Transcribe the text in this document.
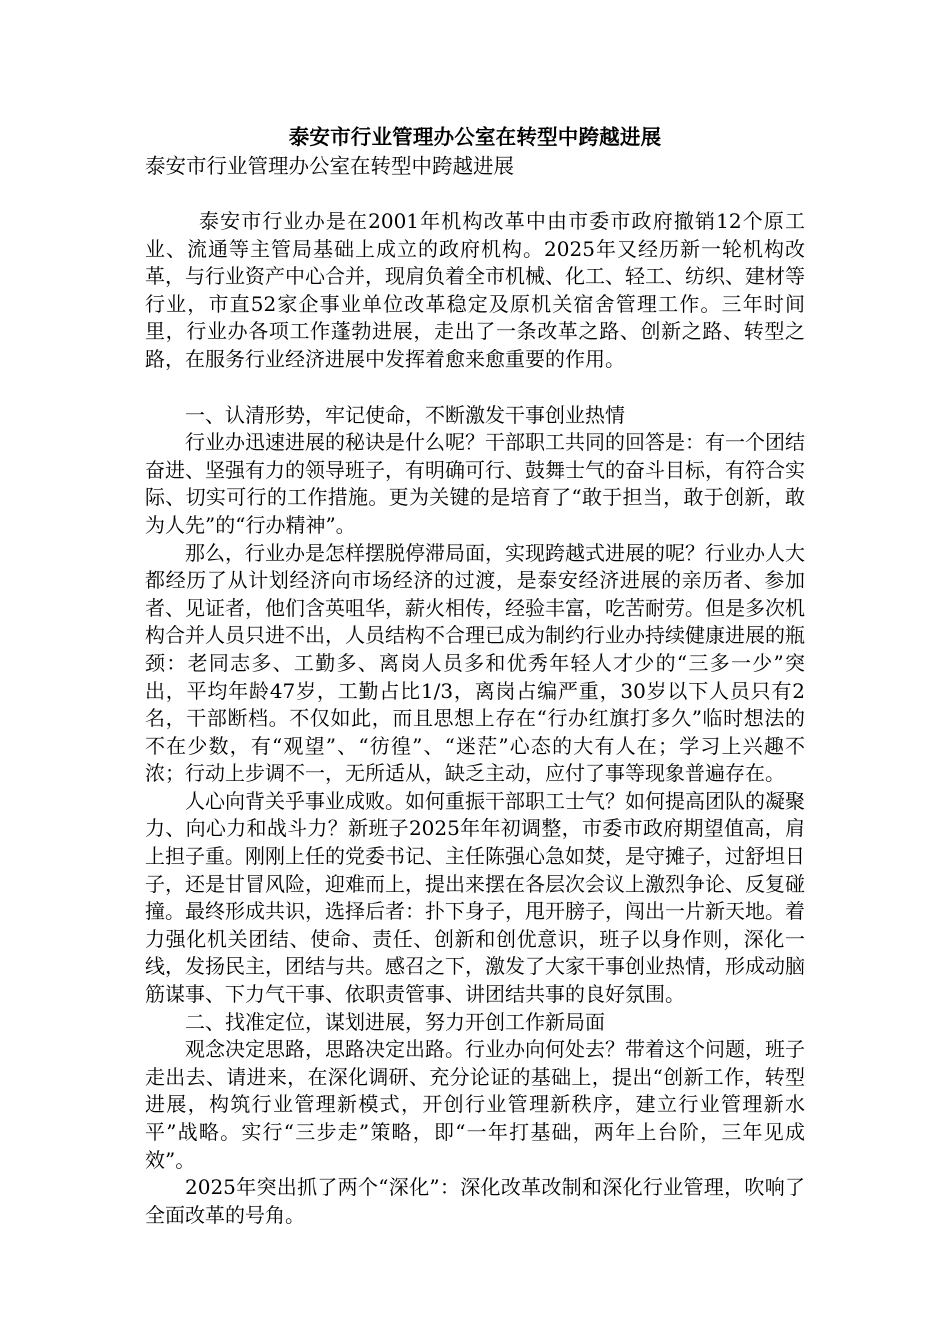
泰安市行业管理办公室在转型中跨越进展

泰安市行业管理办公室在转型中跨越进展

泰安市行业办是在2001年机构改革中由市委市政府撤销12个原工业、流通等主管局基础上成立的政府机构。2025年又经历新一轮机构改革，与行业资产中心合并，现肩负着全市机械、化工、轻工、纺织、建材等行业，市直52家企事业单位改革稳定及原机关宿舍管理工作。三年时间里，行业办各项工作蓬勃进展，走出了一条改革之路、创新之路、转型之路，在服务行业经济进展中发挥着愈来愈重要的作用。

一、认清形势，牢记使命，不断激发干事创业热情

行业办迅速进展的秘诀是什么呢？干部职工共同的回答是：有一个团结奋进、坚强有力的领导班子，有明确可行、鼓舞士气的奋斗目标，有符合实际、切实可行的工作措施。更为关键的是培育了“敢于担当，敢于创新，敢为人先”的“行办精神”。

那么，行业办是怎样摆脱停滞局面，实现跨越式进展的呢？行业办人大都经历了从计划经济向市场经济的过渡，是泰安经济进展的亲历者、参加者、见证者，他们含英咀华，薪火相传，经验丰富，吃苦耐劳。但是多次机构合并人员只进不出，人员结构不合理已成为制约行业办持续健康进展的瓶颈：老同志多、工勤多、离岗人员多和优秀年轻人才少的“三多一少”突出，平均年龄47岁，工勤占比1/3，离岗占编严重，30岁以下人员只有2名，干部断档。不仅如此，而且思想上存在“行办红旗打多久”临时想法的不在少数，有“观望”、“彷徨”、“迷茫”心态的大有人在；学习上兴趣不浓；行动上步调不一，无所适从，缺乏主动，应付了事等现象普遍存在。

人心向背关乎事业成败。如何重振干部职工士气？如何提高团队的凝聚力、向心力和战斗力？新班子2025年年初调整，市委市政府期望值高，肩上担子重。刚刚上任的党委书记、主任陈强心急如焚，是守摊子，过舒坦日子，还是甘冒风险，迎难而上，提出来摆在各层次会议上激烈争论、反复碰撞。最终形成共识，选择后者：扑下身子，甩开膀子，闯出一片新天地。着力强化机关团结、使命、责任、创新和创优意识，班子以身作则，深化一线，发扬民主，团结与共。感召之下，激发了大家干事创业热情，形成动脑筋谋事、下力气干事、依职责管事、讲团结共事的良好氛围。

二、找准定位，谋划进展，努力开创工作新局面

观念决定思路，思路决定出路。行业办向何处去？带着这个问题，班子走出去、请进来，在深化调研、充分论证的基础上，提出“创新工作，转型进展，构筑行业管理新模式，开创行业管理新秩序，建立行业管理新水平”战略。实行“三步走”策略，即“一年打基础，两年上台阶，三年见成效”。

2025年突出抓了两个“深化”：深化改革改制和深化行业管理，吹响了全面改革的号角。
